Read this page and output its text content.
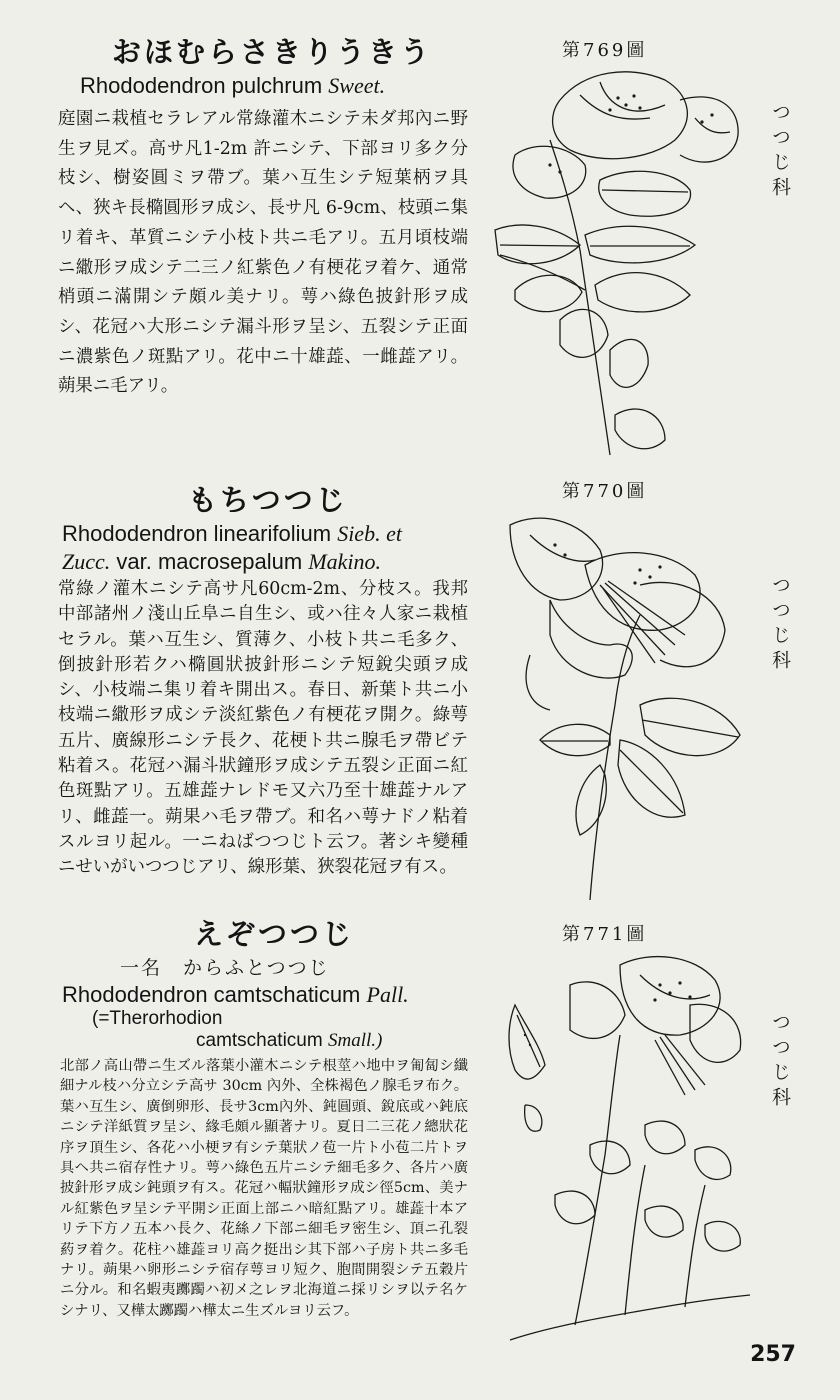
おほむらさきりうきう
Rhododendron pulchrum Sweet.

庭園ニ栽植セラレアル常綠灌木ニシテ未ダ邦內ニ野生ヲ見ズ。高サ凡1-2m 許ニシテ、下部ヨリ多ク分枝シ、樹姿圓ミヲ帶ブ。葉ハ互生シテ短葉柄ヲ具ヘ、狹キ長橢圓形ヲ成シ、長サ凡 6-9cm、枝頭ニ集リ着キ、革質ニシテ小枝ト共ニ毛アリ。五月頃枝端ニ繖形ヲ成シテ二三ノ紅紫色ノ有梗花ヲ着ケ、通常梢頭ニ滿開シテ頗ル美ナリ。萼ハ綠色披針形ヲ成シ、花冠ハ大形ニシテ漏斗形ヲ呈シ、五裂シテ正面ニ濃紫色ノ斑點アリ。花中ニ十雄蕋、一雌蕋アリ。蒴果ニ毛アリ。

もちつつじ
Rhododendron linearifolium Sieb. et
Zucc. var. macrosepalum Makino.

常綠ノ灌木ニシテ高サ凡60cm-2m、分枝ス。我邦中部諸州ノ淺山丘阜ニ自生シ、或ハ往々人家ニ栽植セラル。葉ハ互生シ、質薄ク、小枝ト共ニ毛多ク、倒披針形若クハ橢圓狀披針形ニシテ短銳尖頭ヲ成シ、小枝端ニ集リ着キ開出ス。春日、新葉ト共ニ小枝端ニ繖形ヲ成シテ淡紅紫色ノ有梗花ヲ開ク。綠萼五片、廣線形ニシテ長ク、花梗ト共ニ腺毛ヲ帶ビテ粘着ス。花冠ハ漏斗狀鐘形ヲ成シテ五裂シ正面ニ紅色斑點アリ。五雄蕋ナレドモ又六乃至十雄蕋ナルアリ、雌蕋一。蒴果ハ毛ヲ帶ブ。和名ハ萼ナドノ粘着スルヨリ起ル。一ニねばつつじト云フ。著シキ變種ニせいがいつつじアリ、線形葉、狹裂花冠ヲ有ス。

えぞつつじ
一名　からふとつつじ
Rhododendron camtschaticum Pall.
(=Therorhodion
camtschaticum Small.)

北部ノ高山帶ニ生ズル落葉小灌木ニシテ根莖ハ地中ヲ匍匐シ纖細ナル枝ハ分立シテ高サ 30cm 內外、全株褐色ノ腺毛ヲ布ク。葉ハ互生シ、廣倒卵形、長サ3cm內外、鈍圓頭、銳底或ハ鈍底ニシテ洋紙質ヲ呈シ、緣毛頗ル顯著ナリ。夏日二三花ノ總狀花序ヲ頂生シ、各花ハ小梗ヲ有シテ葉狀ノ苞一片ト小苞二片トヲ具ヘ共ニ宿存性ナリ。萼ハ綠色五片ニシテ細毛多ク、各片ハ廣披針形ヲ成シ鈍頭ヲ有ス。花冠ハ輻狀鐘形ヲ成シ徑5cm、美ナル紅紫色ヲ呈シテ平開シ正面上部ニハ暗紅點アリ。雄蕋十本アリテ下方ノ五本ハ長ク、花絲ノ下部ニ細毛ヲ密生シ、頂ニ孔裂葯ヲ着ク。花柱ハ雄蕋ヨリ高ク挺出シ其下部ハ子房ト共ニ多毛ナリ。蒴果ハ卵形ニシテ宿存萼ヨリ短ク、胞間開裂シテ五穀片ニ分ル。和名蝦夷躑躅ハ初メ之レヲ北海道ニ採リシヲ以テ名ケシナリ、又樺太躑躅ハ樺太ニ生ズルヨリ云フ。

第769圖
第770圖
第771圖
つつじ科
つつじ科
つつじ科
257
